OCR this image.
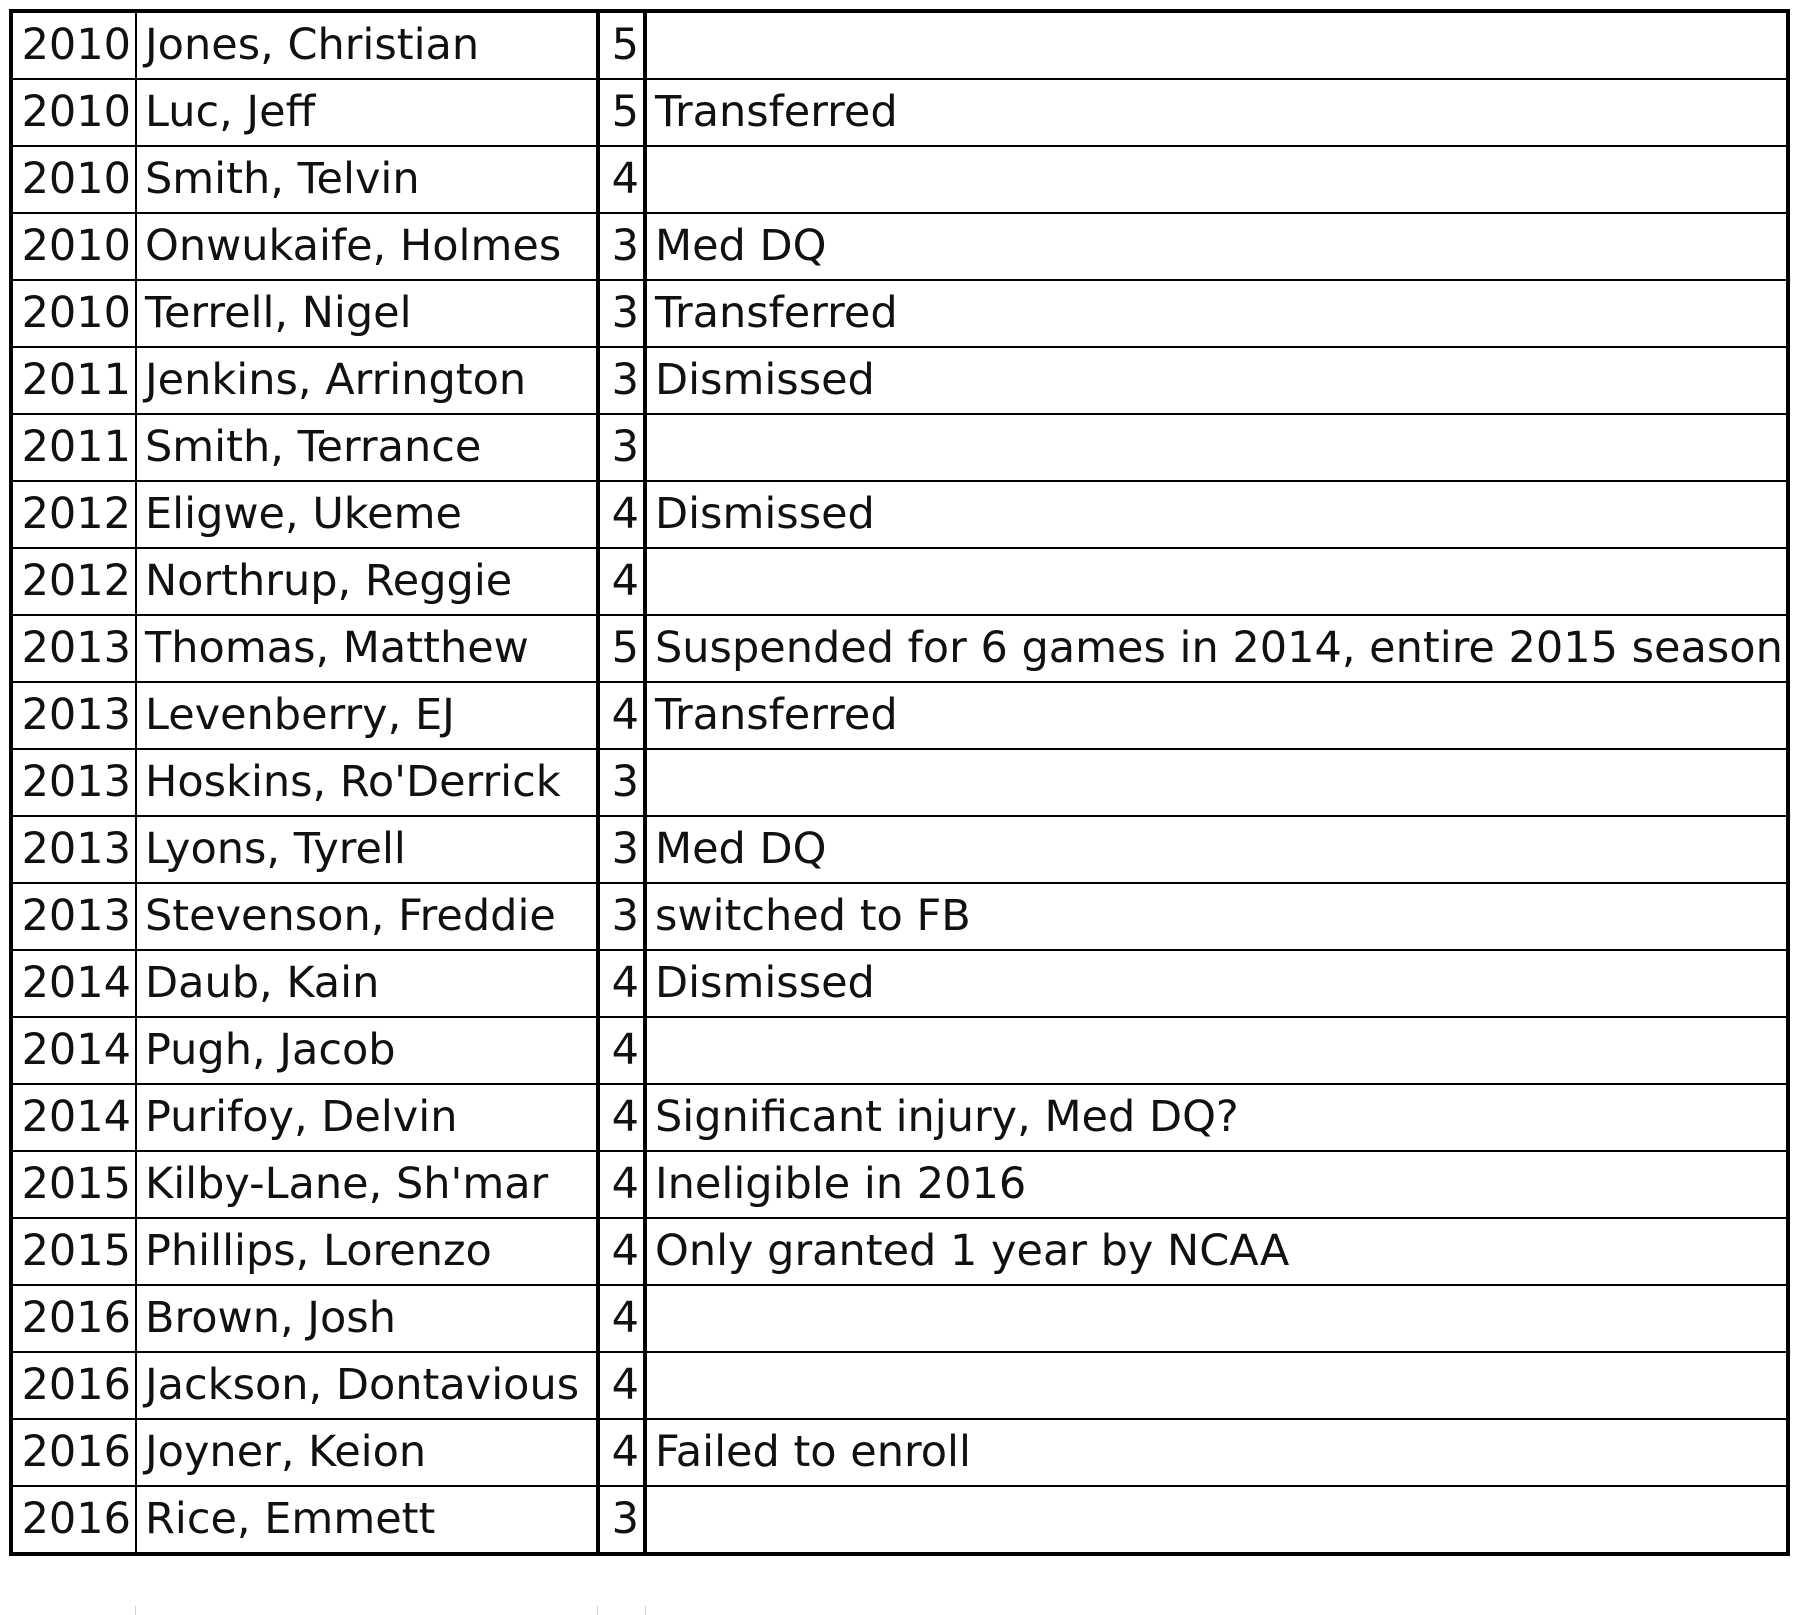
2010	Jones, Christian	5	
2010	Luc, Jeff	5	Transferred
2010	Smith, Telvin	4	
2010	Onwukaife, Holmes	3	Med DQ
2010	Terrell, Nigel	3	Transferred
2011	Jenkins, Arrington	3	Dismissed
2011	Smith, Terrance	3	
2012	Eligwe, Ukeme	4	Dismissed
2012	Northrup, Reggie	4	
2013	Thomas, Matthew	5	Suspended for 6 games in 2014, entire 2015 season
2013	Levenberry, EJ	4	Transferred
2013	Hoskins, Ro'Derrick	3	
2013	Lyons, Tyrell	3	Med DQ
2013	Stevenson, Freddie	3	switched to FB
2014	Daub, Kain	4	Dismissed
2014	Pugh, Jacob	4	
2014	Purifoy, Delvin	4	Significant injury, Med DQ?
2015	Kilby-Lane, Sh'mar	4	Ineligible in 2016
2015	Phillips, Lorenzo	4	Only granted 1 year by NCAA
2016	Brown, Josh	4	
2016	Jackson, Dontavious	4	
2016	Joyner, Keion	4	Failed to enroll
2016	Rice, Emmett	3	
